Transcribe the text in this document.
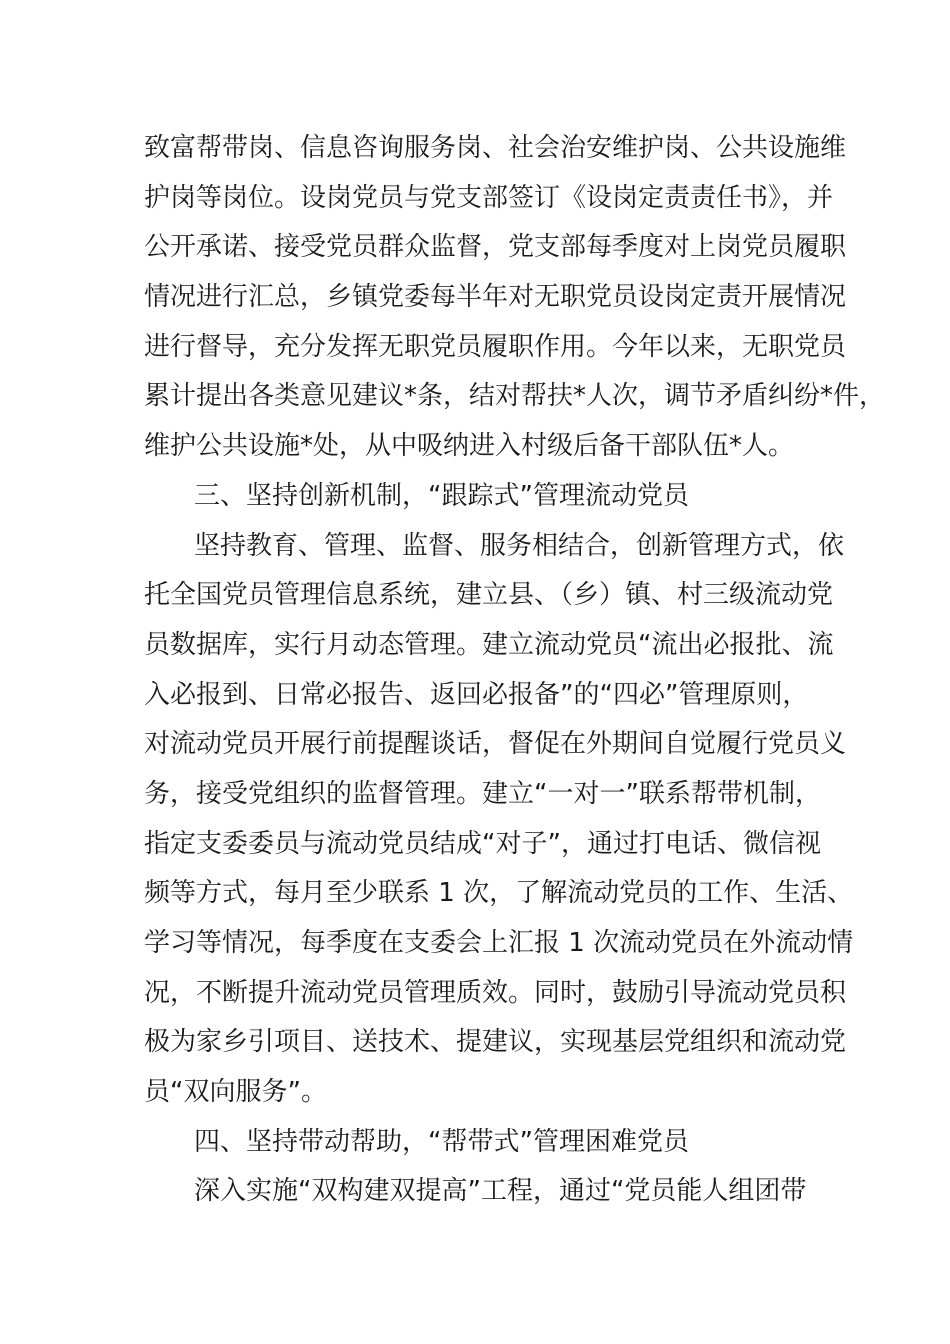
致富帮带岗、信息咨询服务岗、社会治安维护岗、公共设施维
护岗等岗位。设岗党员与党支部签订《设岗定责责任书》，并
公开承诺、接受党员群众监督，党支部每季度对上岗党员履职
情况进行汇总，乡镇党委每半年对无职党员设岗定责开展情况
进行督导，充分发挥无职党员履职作用。今年以来，无职党员
累计提出各类意见建议*条，结对帮扶*人次，调节矛盾纠纷*件，
维护公共设施*处，从中吸纳进入村级后备干部队伍*人。
三、坚持创新机制，“跟踪式”管理流动党员
坚持教育、管理、监督、服务相结合，创新管理方式，依
托全国党员管理信息系统，建立县、（乡）镇、村三级流动党
员数据库，实行月动态管理。建立流动党员“流出必报批、流
入必报到、日常必报告、返回必报备”的“四必”管理原则，
对流动党员开展行前提醒谈话，督促在外期间自觉履行党员义
务，接受党组织的监督管理。建立“一对一”联系帮带机制，
指定支委委员与流动党员结成“对子”，通过打电话、微信视
频等方式，每月至少联系 1 次，了解流动党员的工作、生活、
学习等情况，每季度在支委会上汇报 1 次流动党员在外流动情
况，不断提升流动党员管理质效。同时，鼓励引导流动党员积
极为家乡引项目、送技术、提建议，实现基层党组织和流动党
员“双向服务”。
四、坚持带动帮助，“帮带式”管理困难党员
深入实施“双构建双提高”工程，通过“党员能人组团带
